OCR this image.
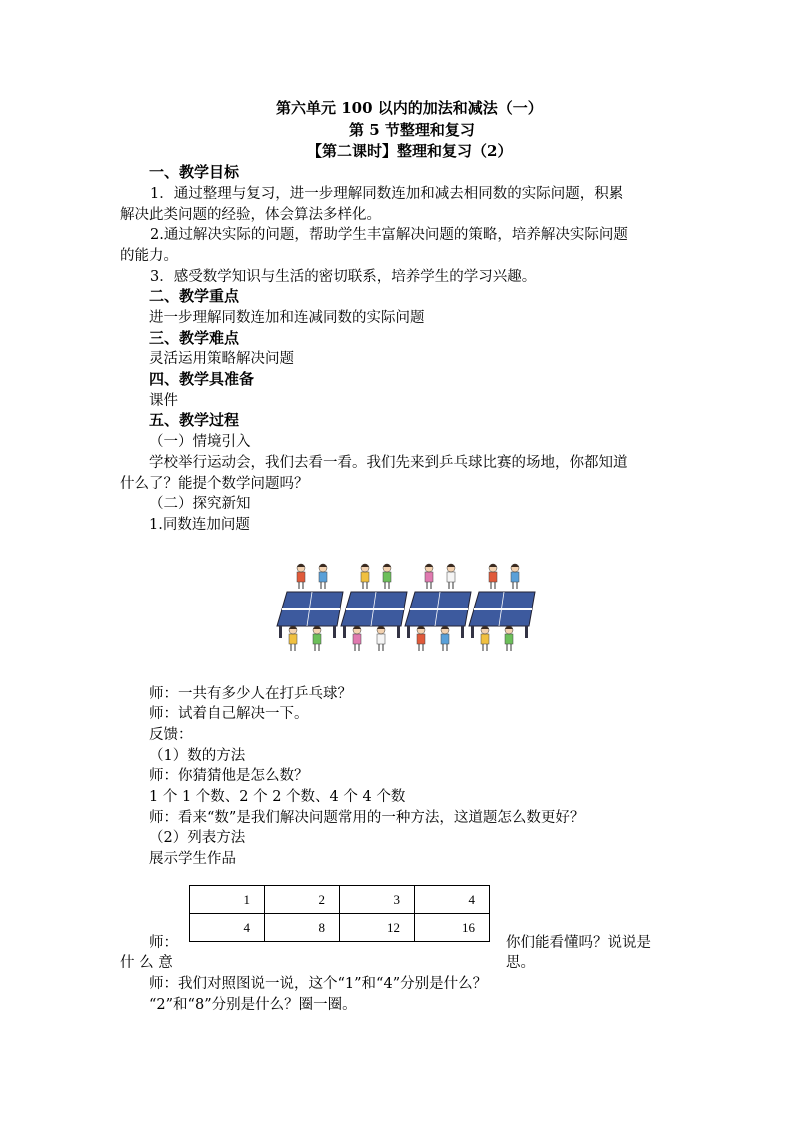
第六单元 100 以内的加法和减法（一）
第 5 节整理和复习
【第二课时】整理和复习（2）
一、教学目标
1．通过整理与复习，进一步理解同数连加和减去相同数的实际问题，积累
解决此类问题的经验，体会算法多样化。
2.通过解决实际的问题，帮助学生丰富解决问题的策略，培养解决实际问题
的能力。
3．感受数学知识与生活的密切联系，培养学生的学习兴趣。
二、教学重点
进一步理解同数连加和连减同数的实际问题
三、教学难点
灵活运用策略解决问题
四、教学具准备
课件
五、教学过程
（一）情境引入
学校举行运动会，我们去看一看。我们先来到乒乓球比赛的场地，你都知道
什么了？能提个数学问题吗？
（二）探究新知
1.同数连加问题
师：一共有多少人在打乒乓球？
师：试着自己解决一下。
反馈：
（1）数的方法
师：你猜猜他是怎么数？
1 个 1 个数、2 个 2 个数、4 个 4 个数
师：看来“数”是我们解决问题常用的一种方法，这道题怎么数更好？
（2）列表方法
展示学生作品
1	2	3	4
4	8	12	16
师：
什 么 意
你们能看懂吗？说说是
思。
师：我们对照图说一说，这个“1”和“4”分别是什么？
“2”和“8”分别是什么？圈一圈。
